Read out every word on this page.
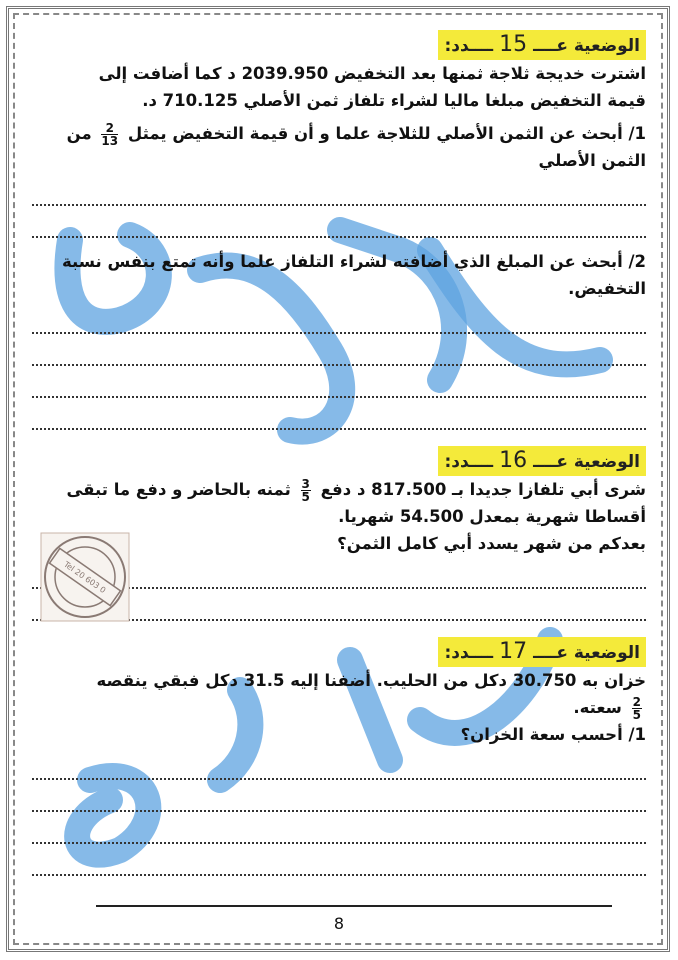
الوضعية عــــ15ــــدد:
اشترت خديجة ثلاجة ثمنها بعد التخفيض 2039.950 د كما أضافت إلى
قيمة التخفيض مبلغا ماليا لشراء تلفاز ثمن الأصلي 710.125 د.
1/ أبحث عن الثمن الأصلي للثلاجة علما و أن قيمة التخفيض يمثل
$\frac{2}{13}$
من
الثمن الأصلي
2/ أبحث عن المبلغ الذي أضافته لشراء التلفاز علما وأنه تمتع بنفس نسبة
التخفيض.
الوضعية عــــ16ــــدد:
شرى أبي تلفازا جديدا بـ 817.500 د دفع
$\frac{3}{5}$
ثمنه بالحاضر و دفع ما تبقى
أقساطا شهرية بمعدل 54.500 شهريا.
بعدكم من شهر يسدد أبي كامل الثمن؟
الوضعية عــــ17ــــدد:
خزان به 30.750 دكل من الحليب. أضفنا إليه 31.5 دكل فبقي ينقصه
$\frac{2}{5}$
سعته.
1/ أحسب سعة الخزان؟
Tel 20 603 0
8
